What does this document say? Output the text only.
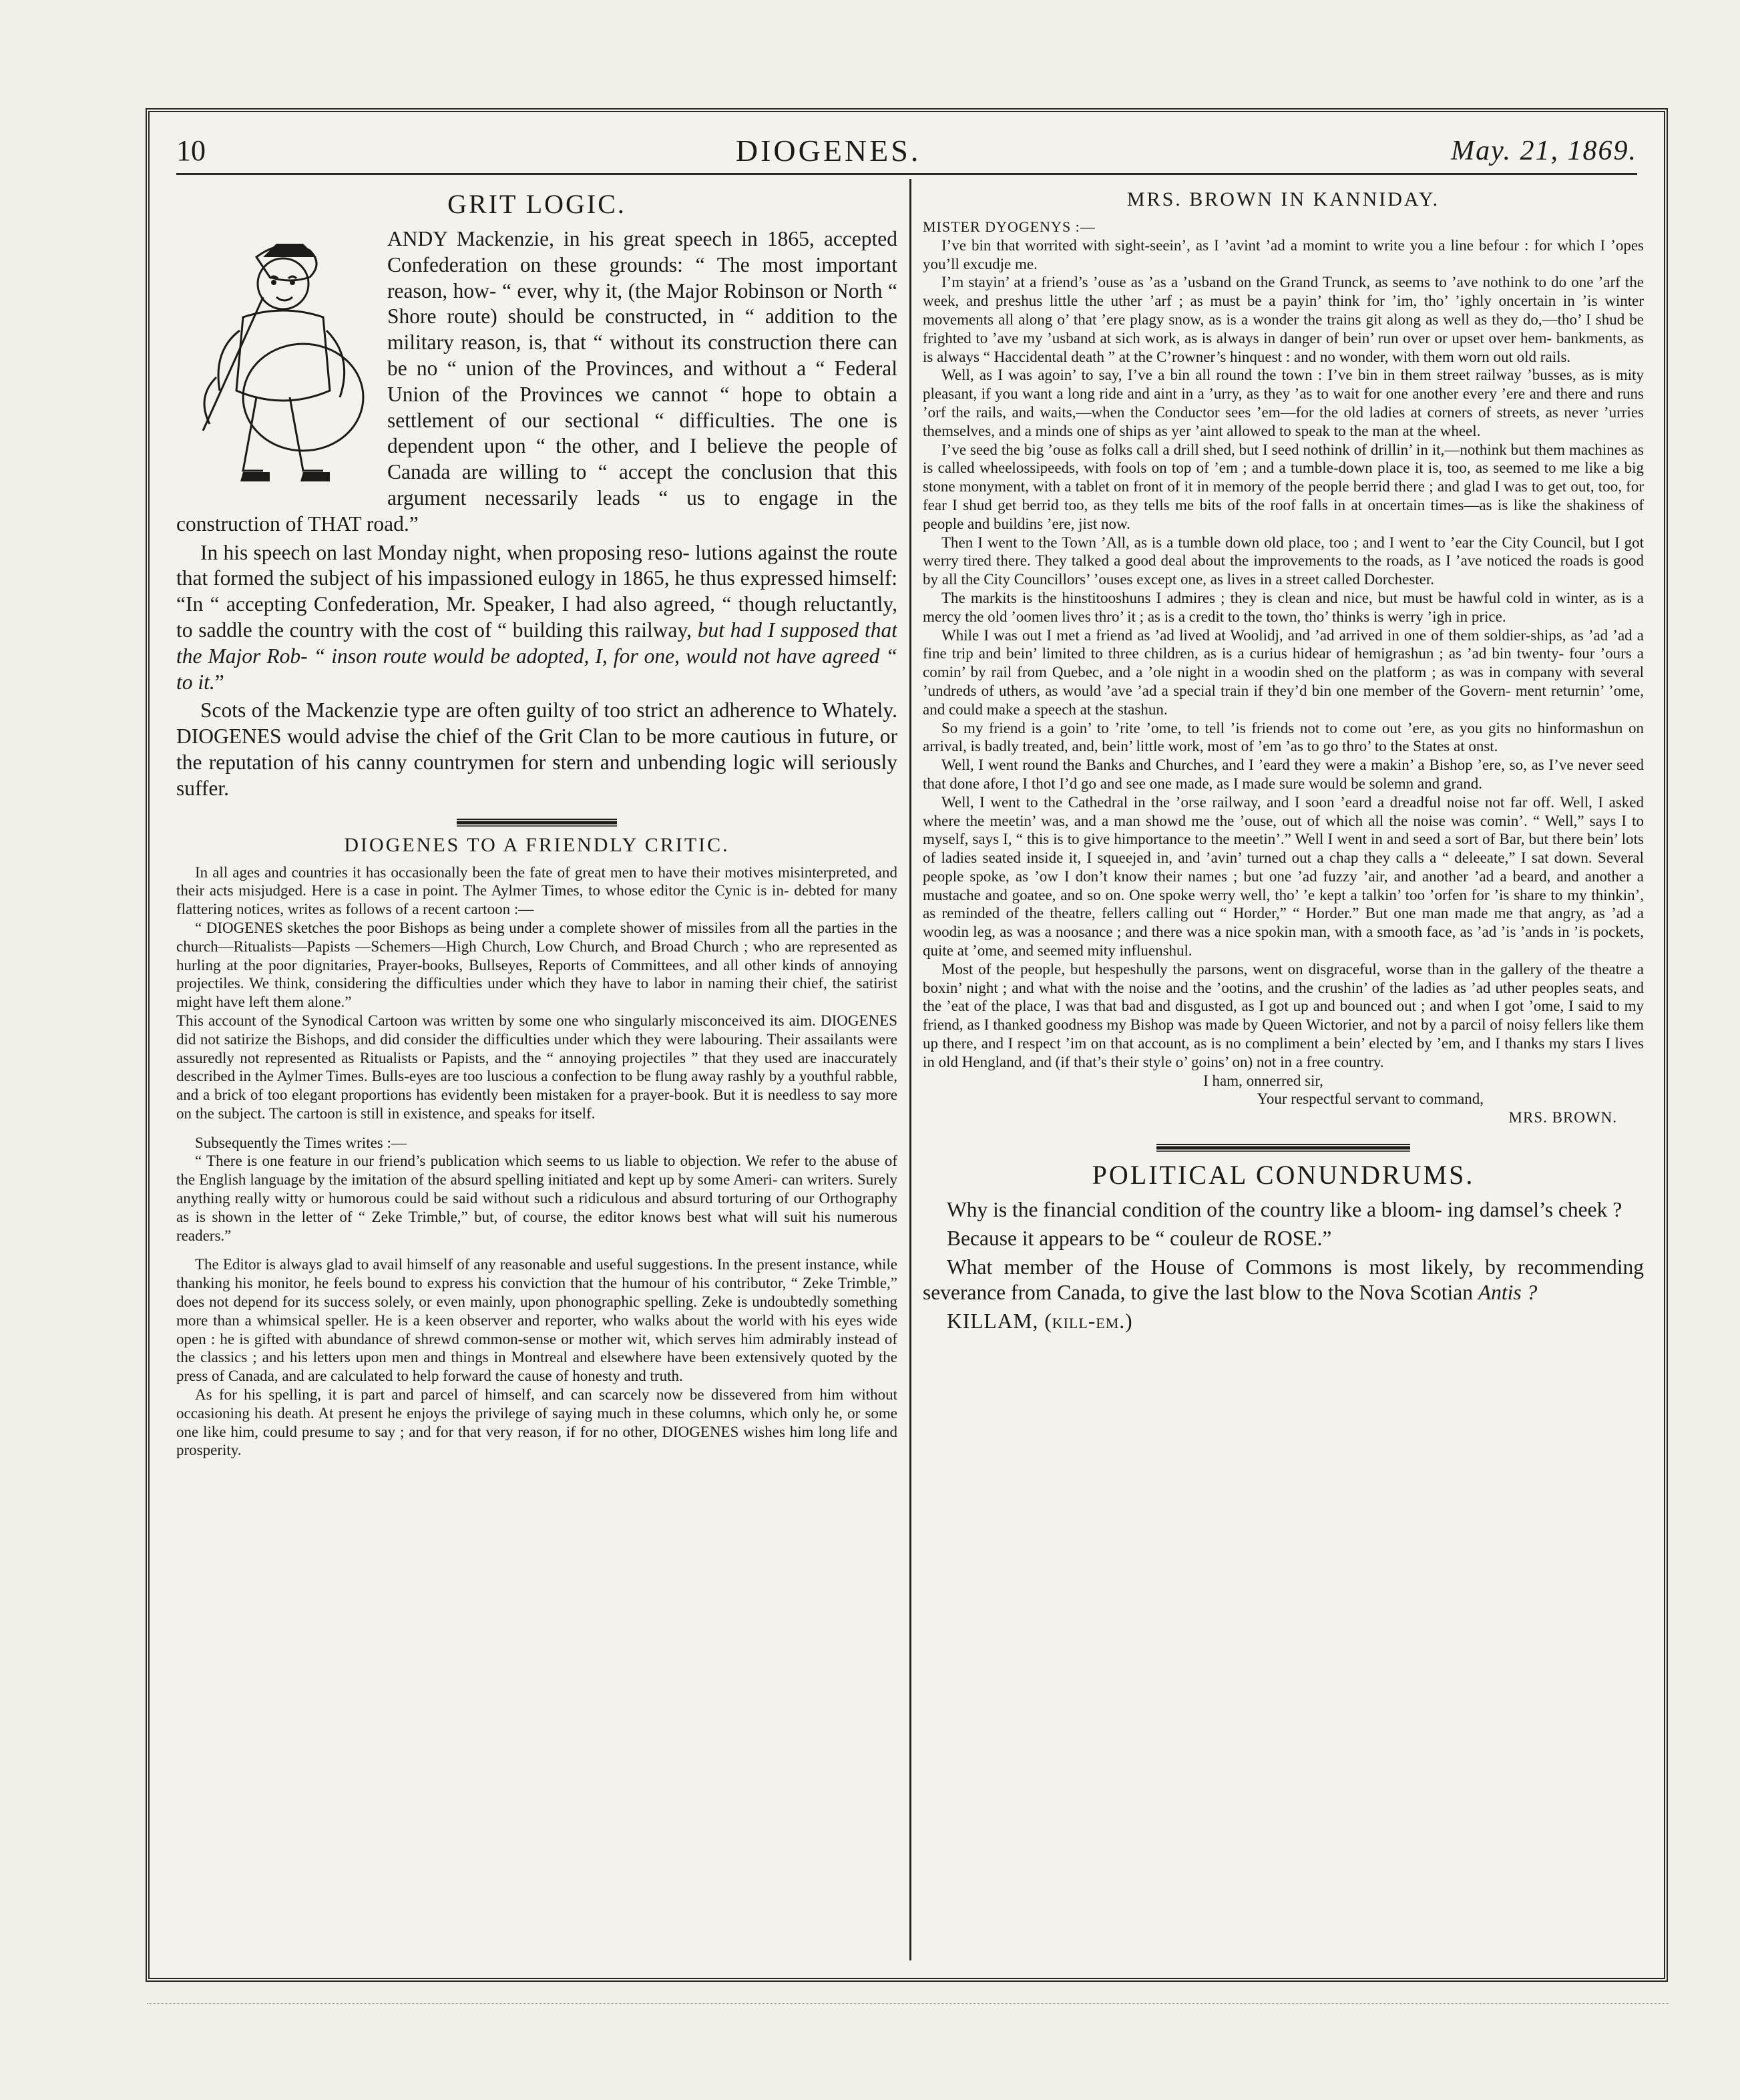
10	DIOGENES.	May. 21, 1869.
GRIT LOGIC.

ANDY Mackenzie, in his great speech in 1865, accepted Confederation on these grounds: “ The most important reason, how- “ ever, why it, (the Major Robinson or North “ Shore route) should be constructed, in “ addition to the military reason, is, that “ without its construction there can be no “ union of the Provinces, and without a “ Federal Union of the Provinces we cannot “ hope to obtain a settlement of our sectional “ difficulties. The one is dependent upon “ the other, and I believe the people of Canada are willing to “ accept the conclusion that this argument necessarily leads “ us to engage in the construction of THAT road.”

In his speech on last Monday night, when proposing reso- lutions against the route that formed the subject of his impassioned eulogy in 1865, he thus expressed himself: “In “ accepting Confederation, Mr. Speaker, I had also agreed, “ though reluctantly, to saddle the country with the cost of “ building this railway, but had I supposed that the Major Rob- “ inson route would be adopted, I, for one, would not have agreed “ to it.”

Scots of the Mackenzie type are often guilty of too strict an adherence to Whately. DIOGENES would advise the chief of the Grit Clan to be more cautious in future, or the reputation of his canny countrymen for stern and unbending logic will seriously suffer.

DIOGENES TO A FRIENDLY CRITIC.

In all ages and countries it has occasionally been the fate of great men to have their motives misinterpreted, and their acts misjudged. Here is a case in point. The Aylmer Times, to whose editor the Cynic is in- debted for many flattering notices, writes as follows of a recent cartoon :—

“ DIOGENES sketches the poor Bishops as being under a complete shower of missiles from all the parties in the church—Ritualists—Papists —Schemers—High Church, Low Church, and Broad Church ; who are represented as hurling at the poor dignitaries, Prayer-books, Bullseyes, Reports of Committees, and all other kinds of annoying projectiles. We think, considering the difficulties under which they have to labor in naming their chief, the satirist might have left them alone.”

This account of the Synodical Cartoon was written by some one who singularly misconceived its aim. DIOGENES did not satirize the Bishops, and did consider the difficulties under which they were labouring. Their assailants were assuredly not represented as Ritualists or Papists, and the “ annoying projectiles ” that they used are inaccurately described in the Aylmer Times. Bulls-eyes are too luscious a confection to be flung away rashly by a youthful rabble, and a brick of too elegant proportions has evidently been mistaken for a prayer-book. But it is needless to say more on the subject. The cartoon is still in existence, and speaks for itself.

Subsequently the Times writes :—

“ There is one feature in our friend’s publication which seems to us liable to objection. We refer to the abuse of the English language by the imitation of the absurd spelling initiated and kept up by some Ameri- can writers. Surely anything really witty or humorous could be said without such a ridiculous and absurd torturing of our Orthography as is shown in the letter of “ Zeke Trimble,” but, of course, the editor knows best what will suit his numerous readers.”

The Editor is always glad to avail himself of any reasonable and useful suggestions. In the present instance, while thanking his monitor, he feels bound to express his conviction that the humour of his contributor, “ Zeke Trimble,” does not depend for its success solely, or even mainly, upon phonographic spelling. Zeke is undoubtedly something more than a whimsical speller. He is a keen observer and reporter, who walks about the world with his eyes wide open : he is gifted with abundance of shrewd common-sense or mother wit, which serves him admirably instead of the classics ; and his letters upon men and things in Montreal and elsewhere have been extensively quoted by the press of Canada, and are calculated to help forward the cause of honesty and truth.

As for his spelling, it is part and parcel of himself, and can scarcely now be dissevered from him without occasioning his death. At present he enjoys the privilege of saying much in these columns, which only he, or some one like him, could presume to say ; and for that very reason, if for no other, DIOGENES wishes him long life and prosperity.

MRS. BROWN IN KANNIDAY.

MISTER DYOGENYS :—

I’ve bin that worrited with sight-seein’, as I ’avint ’ad a momint to write you a line befour : for which I ’opes you’ll excudje me.

I’m stayin’ at a friend’s ’ouse as ’as a ’usband on the Grand Trunck, as seems to ’ave nothink to do one ’arf the week, and preshus little the uther ’arf ; as must be a payin’ think for ’im, tho’ ’ighly oncertain in ’is winter movements all along o’ that ’ere plagy snow, as is a wonder the trains git along as well as they do,—tho’ I shud be frighted to ’ave my ’usband at sich work, as is always in danger of bein’ run over or upset over hem- bankments, as is always “ Haccidental death ” at the C’rowner’s hinquest : and no wonder, with them worn out old rails.

Well, as I was agoin’ to say, I’ve a bin all round the town : I’ve bin in them street railway ’busses, as is mity pleasant, if you want a long ride and aint in a ’urry, as they ’as to wait for one another every ’ere and there and runs ’orf the rails, and waits,—when the Conductor sees ’em—for the old ladies at corners of streets, as never ’urries themselves, and a minds one of ships as yer ’aint allowed to speak to the man at the wheel.

I’ve seed the big ’ouse as folks call a drill shed, but I seed nothink of drillin’ in it,—nothink but them machines as is called wheelossipeeds, with fools on top of ’em ; and a tumble-down place it is, too, as seemed to me like a big stone monyment, with a tablet on front of it in memory of the people berrid there ; and glad I was to get out, too, for fear I shud get berrid too, as they tells me bits of the roof falls in at oncertain times—as is like the shakiness of people and buildins ’ere, jist now.

Then I went to the Town ’All, as is a tumble down old place, too ; and I went to ’ear the City Council, but I got werry tired there. They talked a good deal about the improvements to the roads, as I ’ave noticed the roads is good by all the City Councillors’ ’ouses except one, as lives in a street called Dorchester.

The markits is the hinstitooshuns I admires ; they is clean and nice, but must be hawful cold in winter, as is a mercy the old ’oomen lives thro’ it ; as is a credit to the town, tho’ thinks is werry ’igh in price.

While I was out I met a friend as ’ad lived at Woolidj, and ’ad arrived in one of them soldier-ships, as ’ad ’ad a fine trip and bein’ limited to three children, as is a curius hidear of hemigrashun ; as ’ad bin twenty- four ’ours a comin’ by rail from Quebec, and a ’ole night in a woodin shed on the platform ; as was in company with several ’undreds of uthers, as would ’ave ’ad a special train if they’d bin one member of the Govern- ment returnin’ ’ome, and could make a speech at the stashun.

So my friend is a goin’ to ’rite ’ome, to tell ’is friends not to come out ’ere, as you gits no hinformashun on arrival, is badly treated, and, bein’ little work, most of ’em ’as to go thro’ to the States at onst.

Well, I went round the Banks and Churches, and I ’eard they were a makin’ a Bishop ’ere, so, as I’ve never seed that done afore, I thot I’d go and see one made, as I made sure would be solemn and grand.

Well, I went to the Cathedral in the ’orse railway, and I soon ’eard a dreadful noise not far off. Well, I asked where the meetin’ was, and a man showd me the ’ouse, out of which all the noise was comin’. “ Well,” says I to myself, says I, “ this is to give himportance to the meetin’.” Well I went in and seed a sort of Bar, but there bein’ lots of ladies seated inside it, I squeejed in, and ’avin’ turned out a chap they calls a “ deleeate,” I sat down. Several people spoke, as ’ow I don’t know their names ; but one ’ad fuzzy ’air, and another ’ad a beard, and another a mustache and goatee, and so on. One spoke werry well, tho’ ’e kept a talkin’ too ’orfen for ’is share to my thinkin’, as reminded of the theatre, fellers calling out “ Horder,” “ Horder.” But one man made me that angry, as ’ad a woodin leg, as was a noosance ; and there was a nice spokin man, with a smooth face, as ’ad ’is ’ands in ’is pockets, quite at ’ome, and seemed mity influenshul.

Most of the people, but hespeshully the parsons, went on disgraceful, worse than in the gallery of the theatre a boxin’ night ; and what with the noise and the ’ootins, and the crushin’ of the ladies as ’ad uther peoples seats, and the ’eat of the place, I was that bad and disgusted, as I got up and bounced out ; and when I got ’ome, I said to my friend, as I thanked goodness my Bishop was made by Queen Wictorier, and not by a parcil of noisy fellers like them up there, and I respect ’im on that account, as is no compliment a bein’ elected by ’em, and I thanks my stars I lives in old Hengland, and (if that’s their style o’ goins’ on) not in a free country.

I ham, onnerred sir,

Your respectful servant to command,

MRS. BROWN.

POLITICAL CONUNDRUMS.

Why is the financial condition of the country like a bloom- ing damsel’s cheek ?

Because it appears to be “ couleur de ROSE.”

What member of the House of Commons is most likely, by recommending severance from Canada, to give the last blow to the Nova Scotian Antis ?

KILLAM, (kill-em.)
